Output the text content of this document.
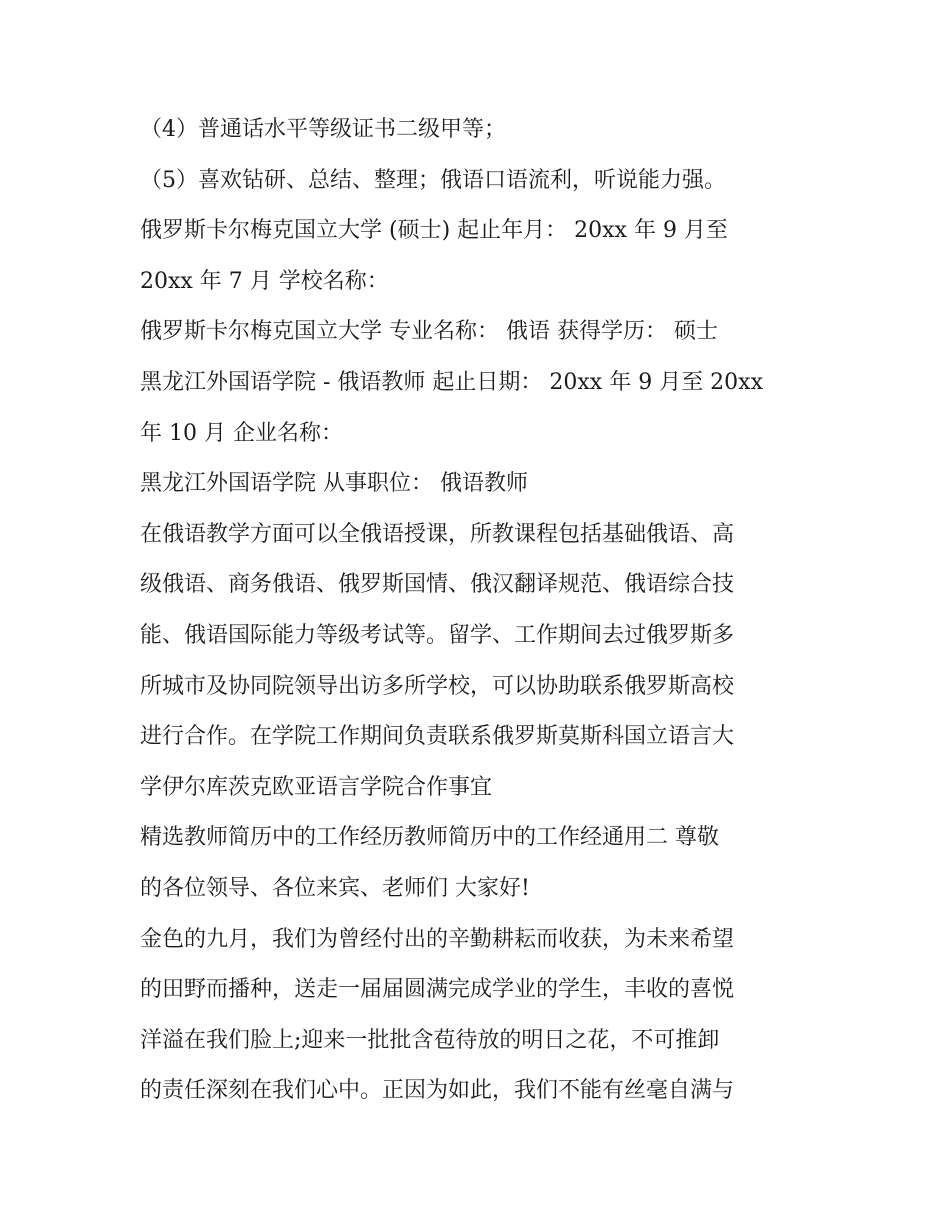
（4）普通话水平等级证书二级甲等；
（5）喜欢钻研、总结、整理；俄语口语流利，听说能力强。
俄罗斯卡尔梅克国立大学 (硕士) 起止年月： 20xx 年 9 月至
20xx 年 7 月 学校名称：
俄罗斯卡尔梅克国立大学 专业名称： 俄语 获得学历： 硕士
黑龙江外国语学院 - 俄语教师 起止日期： 20xx 年 9 月至 20xx
年 10 月 企业名称：
黑龙江外国语学院 从事职位： 俄语教师
在俄语教学方面可以全俄语授课，所教课程包括基础俄语、高
级俄语、商务俄语、俄罗斯国情、俄汉翻译规范、俄语综合技
能、俄语国际能力等级考试等。留学、工作期间去过俄罗斯多
所城市及协同院领导出访多所学校，可以协助联系俄罗斯高校
进行合作。在学院工作期间负责联系俄罗斯莫斯科国立语言大
学伊尔库茨克欧亚语言学院合作事宜
精选教师简历中的工作经历教师简历中的工作经通用二 尊敬
的各位领导、各位来宾、老师们 大家好!
金色的九月，我们为曾经付出的辛勤耕耘而收获，为未来希望
的田野而播种，送走一届届圆满完成学业的学生，丰收的喜悦
洋溢在我们脸上;迎来一批批含苞待放的明日之花，不可推卸
的责任深刻在我们心中。正因为如此，我们不能有丝毫自满与
